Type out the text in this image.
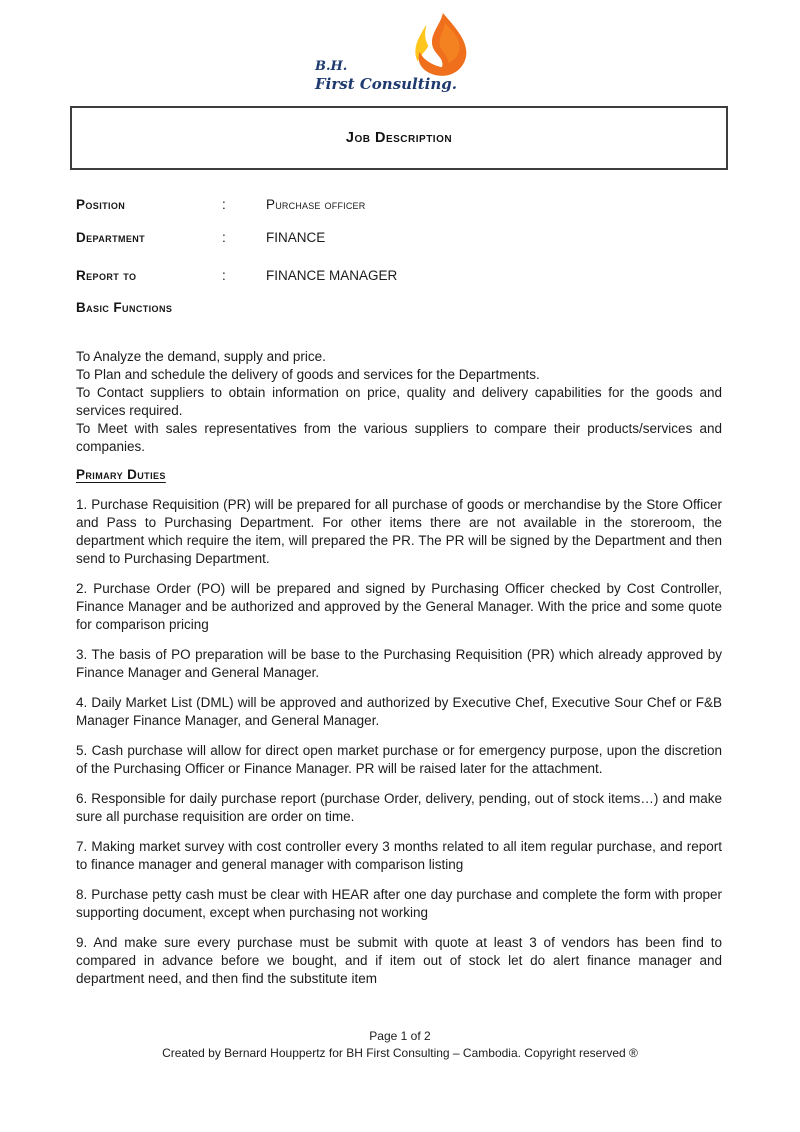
B.H.
First Consulting.
Job Description
Position	:	Purchase officer
Department	:	FINANCE
Report to	:	FINANCE MANAGER
Basic Functions

To Analyze the demand, supply and price.

To Plan and schedule the delivery of goods and services for the Departments.

To Contact suppliers to obtain information on price, quality and delivery capabilities for the goods and services required.

To Meet with sales representatives from the various suppliers to compare their products/services and companies.

Primary Duties

1. Purchase Requisition (PR) will be prepared for all purchase of goods or merchandise by the Store Officer and Pass to Purchasing Department. For other items there are not available in the storeroom, the department which require the item, will prepared the PR. The PR will be signed by the Department and then send to Purchasing Department.

2. Purchase Order (PO) will be prepared and signed by Purchasing Officer checked by Cost Controller, Finance Manager and be authorized and approved by the General Manager. With the price and some quote for comparison pricing

3. The basis of PO preparation will be base to the Purchasing Requisition (PR) which already approved by Finance Manager and General Manager.

4. Daily Market List (DML) will be approved and authorized by Executive Chef, Executive Sour Chef or F&B Manager Finance Manager, and General Manager.

5. Cash purchase will allow for direct open market purchase or for emergency purpose, upon the discretion of the Purchasing Officer or Finance Manager. PR will be raised later for the attachment.

6. Responsible for daily purchase report (purchase Order, delivery, pending, out of stock items…) and make sure all purchase requisition are order on time.

7. Making market survey with cost controller every 3 months related to all item regular purchase, and report to finance manager and general manager with comparison listing

8. Purchase petty cash must be clear with HEAR after one day purchase and complete the form with proper supporting document, except when purchasing not working

9. And make sure every purchase must be submit with quote at least 3 of vendors has been find to compared in advance before we bought, and if item out of stock let do alert finance manager and department need, and then find the substitute item

Page 1 of 2
Created by Bernard Houppertz for BH First Consulting – Cambodia. Copyright reserved ®
